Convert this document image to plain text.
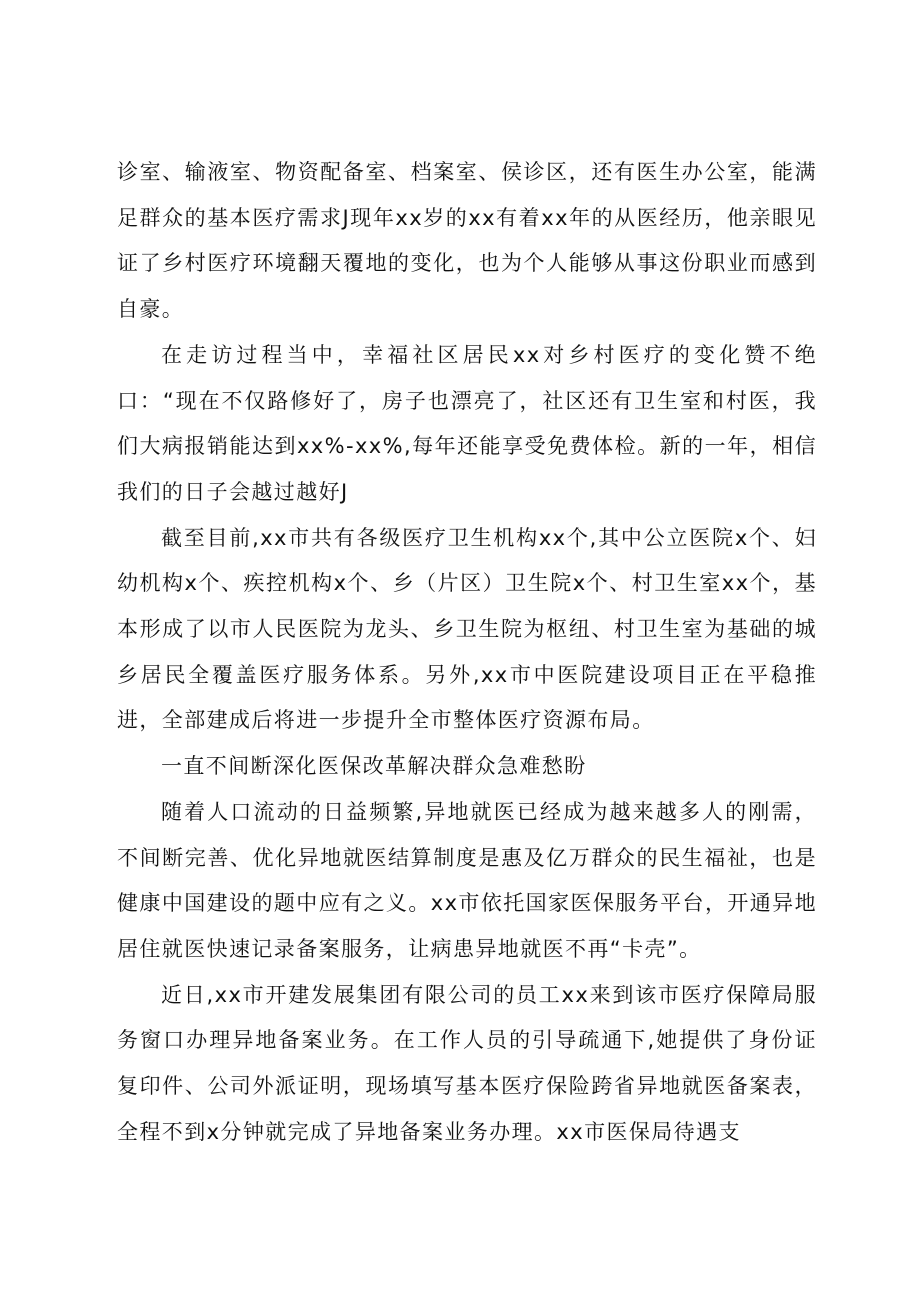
诊室、输液室、物资配备室、档案室、侯诊区，还有医生办公室，能满足群众的基本医疗需求J现年xx岁的xx有着xx年的从医经历，他亲眼见证了乡村医疗环境翻天覆地的变化，也为个人能够从事这份职业而感到自豪。

在走访过程当中，幸福社区居民xx对乡村医疗的变化赞不绝口：“现在不仅路修好了，房子也漂亮了，社区还有卫生室和村医，我们大病报销能达到xx%-xx%,每年还能享受免费体检。新的一年，相信我们的日子会越过越好J

截至目前,xx市共有各级医疗卫生机构xx个,其中公立医院x个、妇幼机构x个、疾控机构x个、乡（片区）卫生院x个、村卫生室xx个，基本形成了以市人民医院为龙头、乡卫生院为枢纽、村卫生室为基础的城乡居民全覆盖医疗服务体系。另外,xx市中医院建设项目正在平稳推进，全部建成后将进一步提升全市整体医疗资源布局。

一直不间断深化医保改革解决群众急难愁盼

随着人口流动的日益频繁,异地就医已经成为越来越多人的刚需，不间断完善、优化异地就医结算制度是惠及亿万群众的民生福祉，也是健康中国建设的题中应有之义。xx市依托国家医保服务平台，开通异地居住就医快速记录备案服务，让病患异地就医不再“卡壳”。

近日,xx市开建发展集团有限公司的员工xx来到该市医疗保障局服务窗口办理异地备案业务。在工作人员的引导疏通下,她提供了身份证复印件、公司外派证明，现场填写基本医疗保险跨省异地就医备案表，全程不到x分钟就完成了异地备案业务办理。xx市医保局待遇支
